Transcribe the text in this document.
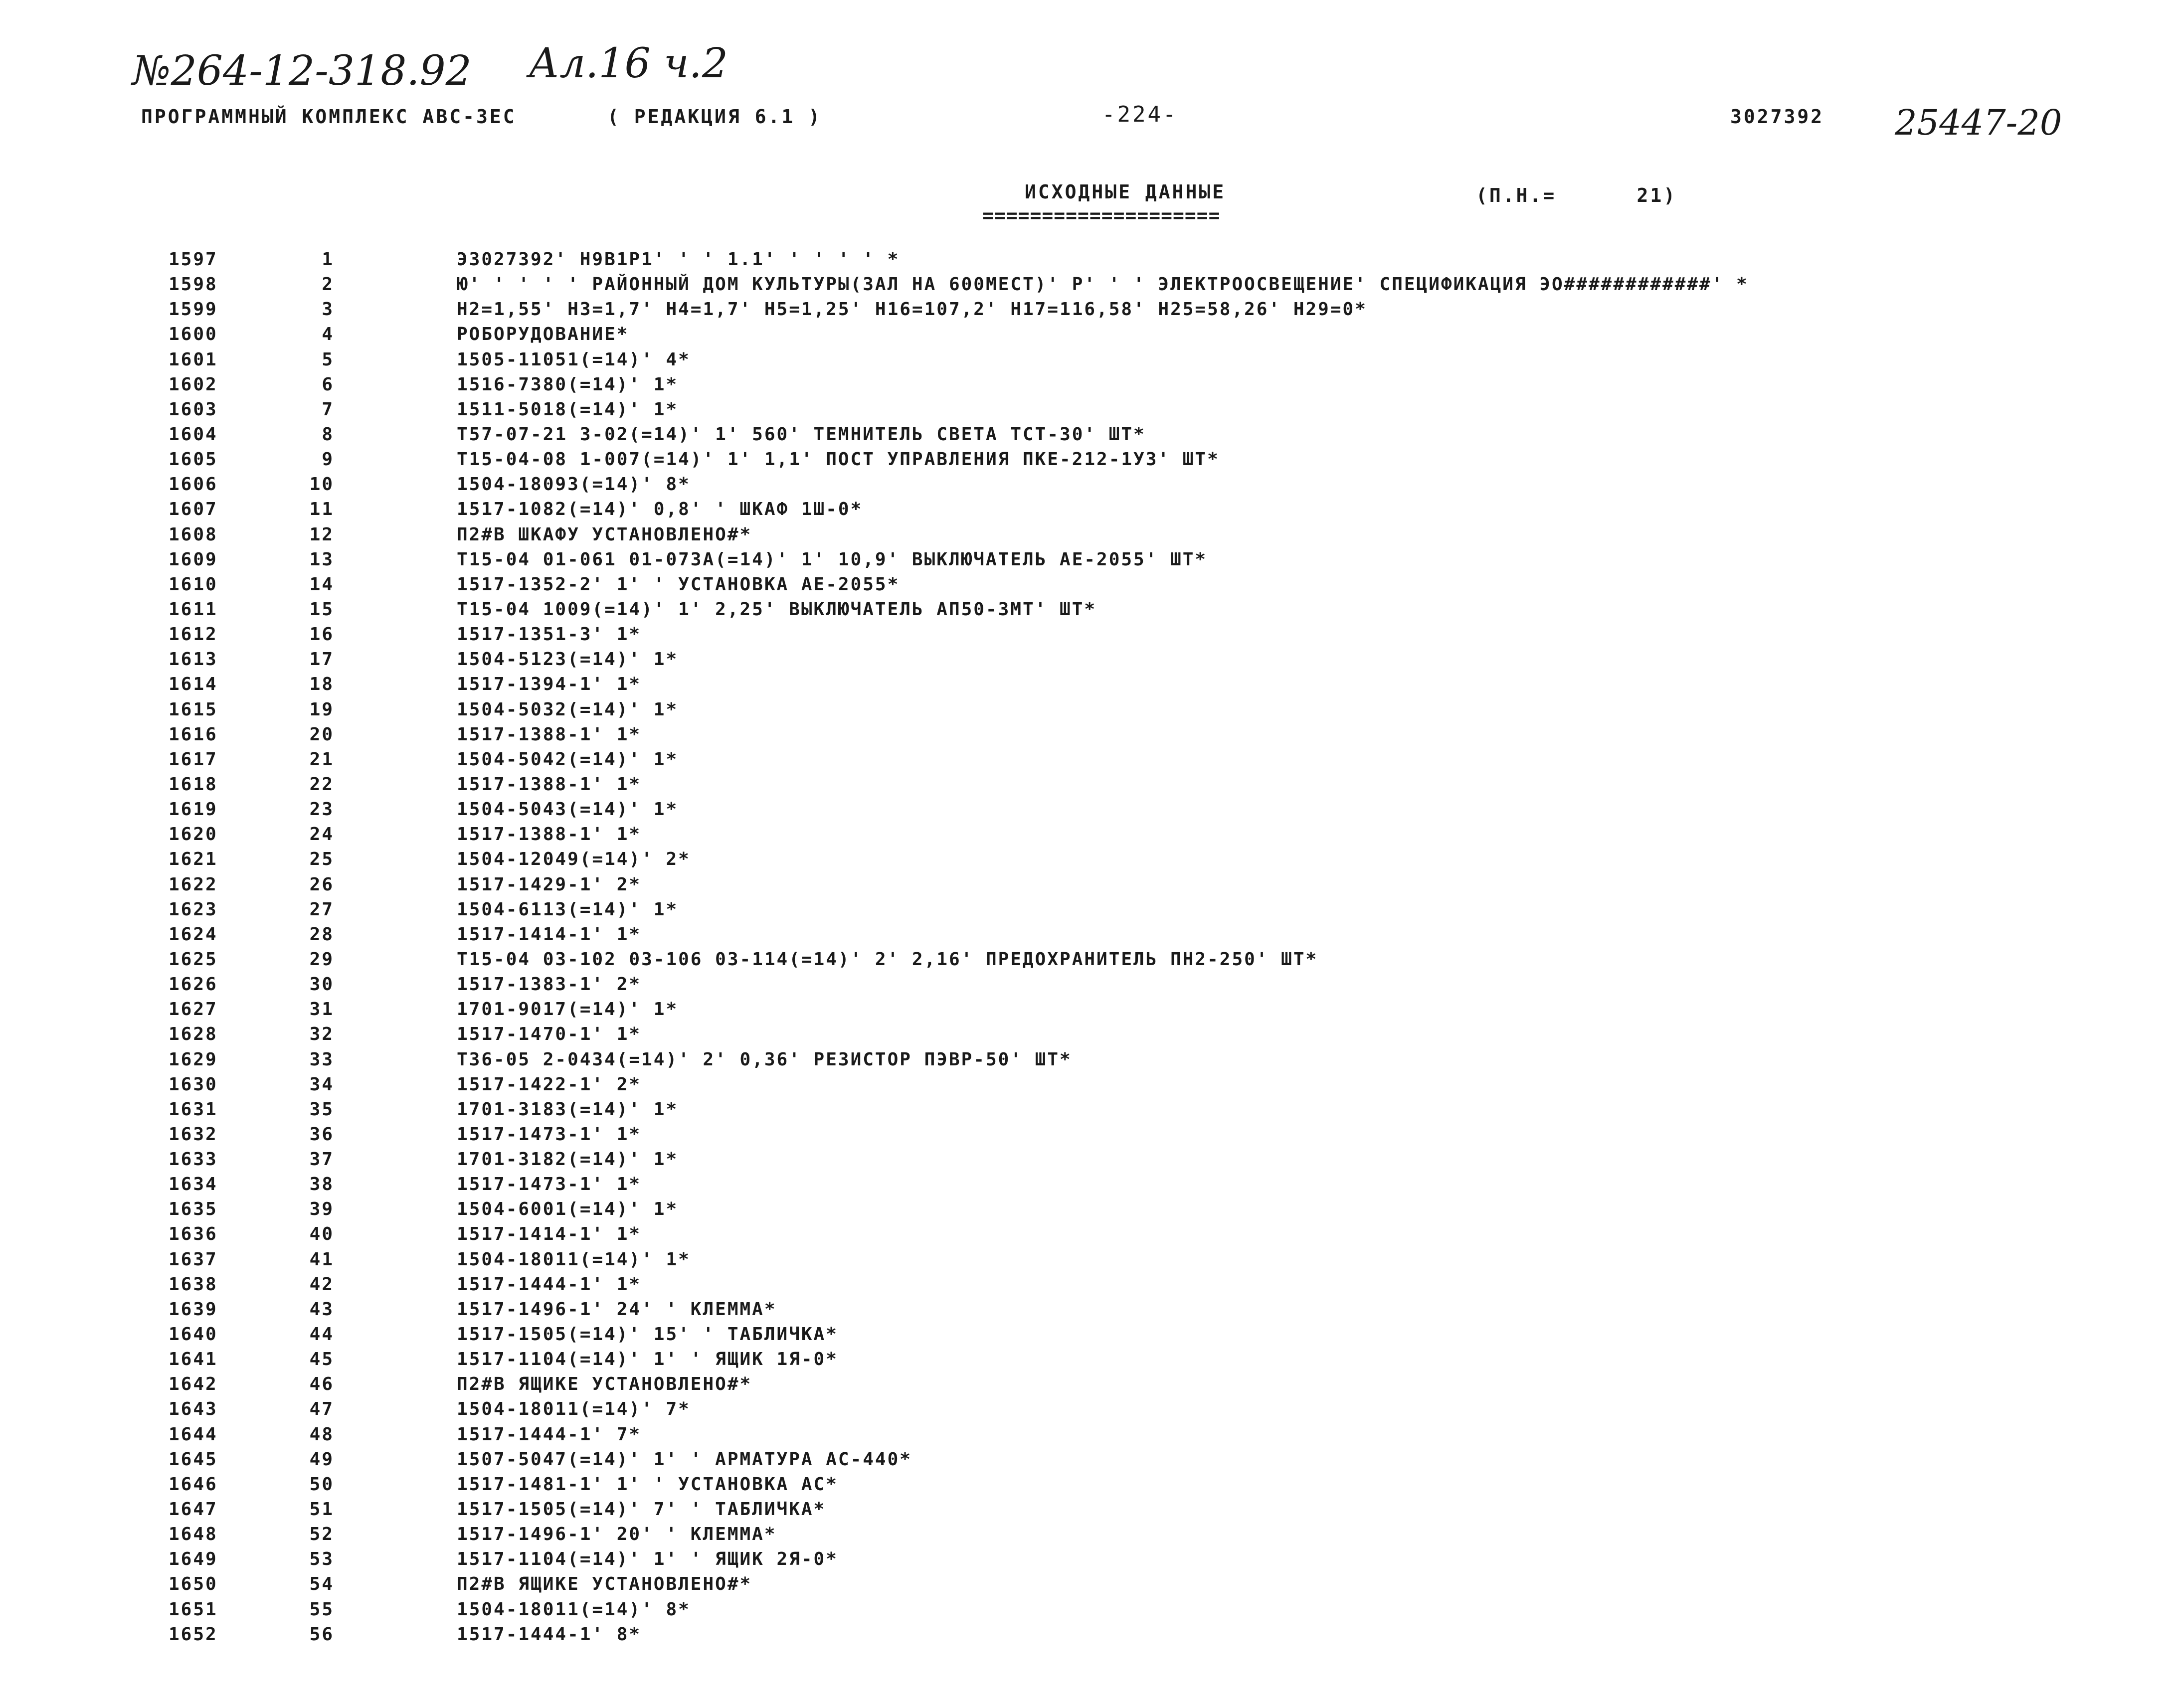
№264-12-318.92 Ал.16 ч.2
25447-20
ПРОГРАММНЫЙ КОМПЛЕКС АВС-3ЕС	( РЕДАКЦИЯ 6.1 )	-224-	3027392
ИСХОДНЫЕ ДАННЫЕ
====================
(П.Н.=      21)
1597	1	Э3027392' Н9В1Р1' ' ' 1.1' ' ' ' ' *
1598	2	Ю' ' ' ' ' РАЙОННЫЙ ДОМ КУЛЬТУРЫ(ЗАЛ НА 600МЕСТ)' Р' ' ' ЭЛЕКТРООСВЕЩЕНИЕ' СПЕЦИФИКАЦИЯ ЭО############' *
1599	3	Н2=1,55' Н3=1,7' Н4=1,7' Н5=1,25' Н16=107,2' Н17=116,58' Н25=58,26' Н29=0*
1600	4	РОБОРУДОВАНИЕ*
1601	5	1505-11051(=14)' 4*
1602	6	1516-7380(=14)' 1*
1603	7	1511-5018(=14)' 1*
1604	8	Т57-07-21 3-02(=14)' 1' 560' ТЕМНИТЕЛЬ СВЕТА ТСТ-30' ШТ*
1605	9	Т15-04-08 1-007(=14)' 1' 1,1' ПОСТ УПРАВЛЕНИЯ ПКЕ-212-1У3' ШТ*
1606	10	1504-18093(=14)' 8*
1607	11	1517-1082(=14)' 0,8' ' ШКАФ 1Ш-0*
1608	12	П2#В ШКАФУ УСТАНОВЛЕНО#*
1609	13	Т15-04 01-061 01-073А(=14)' 1' 10,9' ВЫКЛЮЧАТЕЛЬ АЕ-2055' ШТ*
1610	14	1517-1352-2' 1' ' УСТАНОВКА АЕ-2055*
1611	15	Т15-04 1009(=14)' 1' 2,25' ВЫКЛЮЧАТЕЛЬ АП50-3МТ' ШТ*
1612	16	1517-1351-3' 1*
1613	17	1504-5123(=14)' 1*
1614	18	1517-1394-1' 1*
1615	19	1504-5032(=14)' 1*
1616	20	1517-1388-1' 1*
1617	21	1504-5042(=14)' 1*
1618	22	1517-1388-1' 1*
1619	23	1504-5043(=14)' 1*
1620	24	1517-1388-1' 1*
1621	25	1504-12049(=14)' 2*
1622	26	1517-1429-1' 2*
1623	27	1504-6113(=14)' 1*
1624	28	1517-1414-1' 1*
1625	29	Т15-04 03-102 03-106 03-114(=14)' 2' 2,16' ПРЕДОХРАНИТЕЛЬ ПН2-250' ШТ*
1626	30	1517-1383-1' 2*
1627	31	1701-9017(=14)' 1*
1628	32	1517-1470-1' 1*
1629	33	Т36-05 2-0434(=14)' 2' 0,36' РЕЗИСТОР ПЭВР-50' ШТ*
1630	34	1517-1422-1' 2*
1631	35	1701-3183(=14)' 1*
1632	36	1517-1473-1' 1*
1633	37	1701-3182(=14)' 1*
1634	38	1517-1473-1' 1*
1635	39	1504-6001(=14)' 1*
1636	40	1517-1414-1' 1*
1637	41	1504-18011(=14)' 1*
1638	42	1517-1444-1' 1*
1639	43	1517-1496-1' 24' ' КЛЕММА*
1640	44	1517-1505(=14)' 15' ' ТАБЛИЧКА*
1641	45	1517-1104(=14)' 1' ' ЯЩИК 1Я-0*
1642	46	П2#В ЯЩИКЕ УСТАНОВЛЕНО#*
1643	47	1504-18011(=14)' 7*
1644	48	1517-1444-1' 7*
1645	49	1507-5047(=14)' 1' ' АРМАТУРА АС-440*
1646	50	1517-1481-1' 1' ' УСТАНОВКА АС*
1647	51	1517-1505(=14)' 7' ' ТАБЛИЧКА*
1648	52	1517-1496-1' 20' ' КЛЕММА*
1649	53	1517-1104(=14)' 1' ' ЯЩИК 2Я-0*
1650	54	П2#В ЯЩИКЕ УСТАНОВЛЕНО#*
1651	55	1504-18011(=14)' 8*
1652	56	1517-1444-1' 8*
